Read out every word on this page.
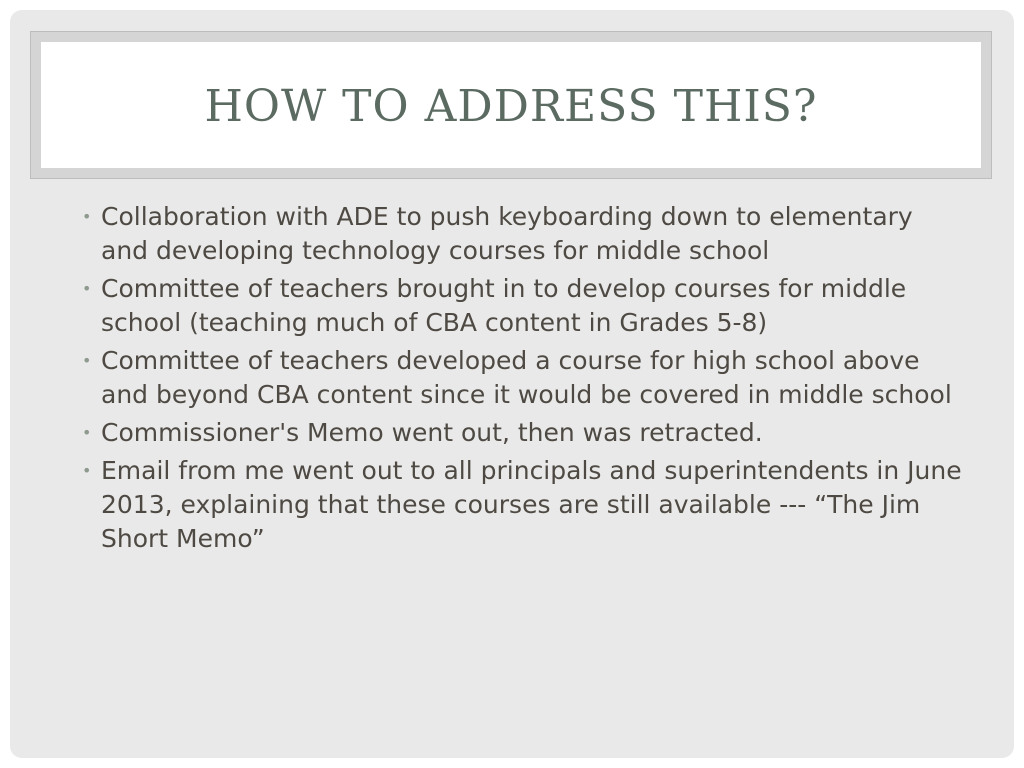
HOW TO ADDRESS THIS?
• Collaboration with ADE to push keyboarding down to elementary and developing technology courses for middle school
• Committee of teachers brought in to develop courses for middle school (teaching much of CBA content in Grades 5-8)
• Committee of teachers developed a course for high school above and beyond CBA content since it would be covered in middle school
• Commissioner's Memo went out, then was retracted.
• Email from me went out to all principals and superintendents in June 2013, explaining that these courses are still available --- “The Jim Short Memo”
